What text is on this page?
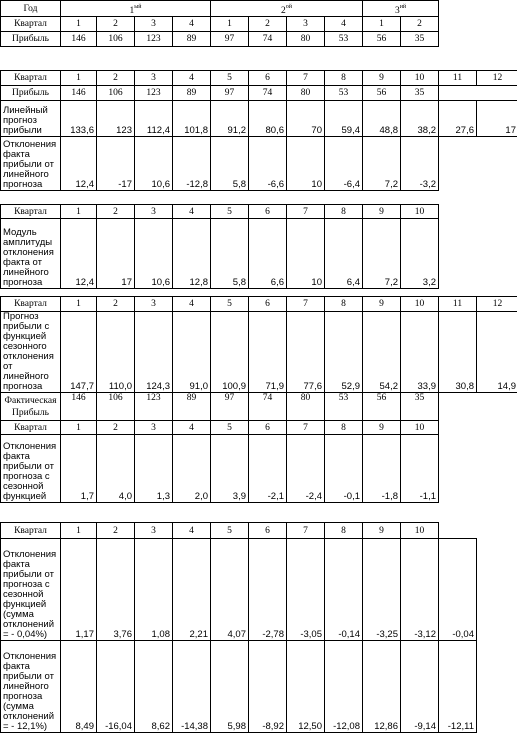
Год	$1^{ый}$				$2^{ой}$				$3^{ий}$	
Квартал	1	2	3	4	1	2	3	4	1	2	
Прибыль	146	106	123	89	97	74	80	53	56	35	
Квартал	1	2	3	4	5	6	7	8	9	10	11	12
Прибыль	146	106	123	89	97	74	80	53	56	35		
Линейный прогноз прибыли	133,6	123	112,4	101,8	91,2	80,6	70	59,4	48,8	38,2	27,6	17
Отклонения факта прибыли от линейного прогноза	12,4	-17	10,6	-12,8	5,8	-6,6	10	-6,4	7,2	-3,2		
Квартал	1	2	3	4	5	6	7	8	9	10		
Модуль амплитуды отклонения факта от линейного прогноза	12,4	17	10,6	12,8	5,8	6,6	10	6,4	7,2	3,2		
Квартал	1	2	3	4	5	6	7	8	9	10	11	12
Прогноз прибыли с функцией сезонного отклонения от линейного прогноза	147,7	110,0	124,3	91,0	100,9	71,9	77,6	52,9	54,2	33,9	30,8	14,9
Фактическая Прибыль	146	106	123	89	97	74	80	53	56	35		
Квартал	1	2	3	4	5	6	7	8	9	10		
Отклонения факта прибыли от прогноза с сезонной функцией	1,7	4,0	1,3	2,0	3,9	-2,1	-2,4	-0,1	-1,8	-1,1		
Квартал	1	2	3	4	5	6	7	8	9	10		
Отклонения факта прибыли от прогноза с сезонной функцией (сумма отклонений = - 0,04%)	1,17	3,76	1,08	2,21	4,07	-2,78	-3,05	-0,14	-3,25	-3,12	-0,04	
Отклонения факта прибыли от линейного прогноза (сумма отклонений = - 12,1%)	8,49	-16,04	8,62	-14,38	5,98	-8,92	12,50	-12,08	12,86	-9,14	-12,11	
